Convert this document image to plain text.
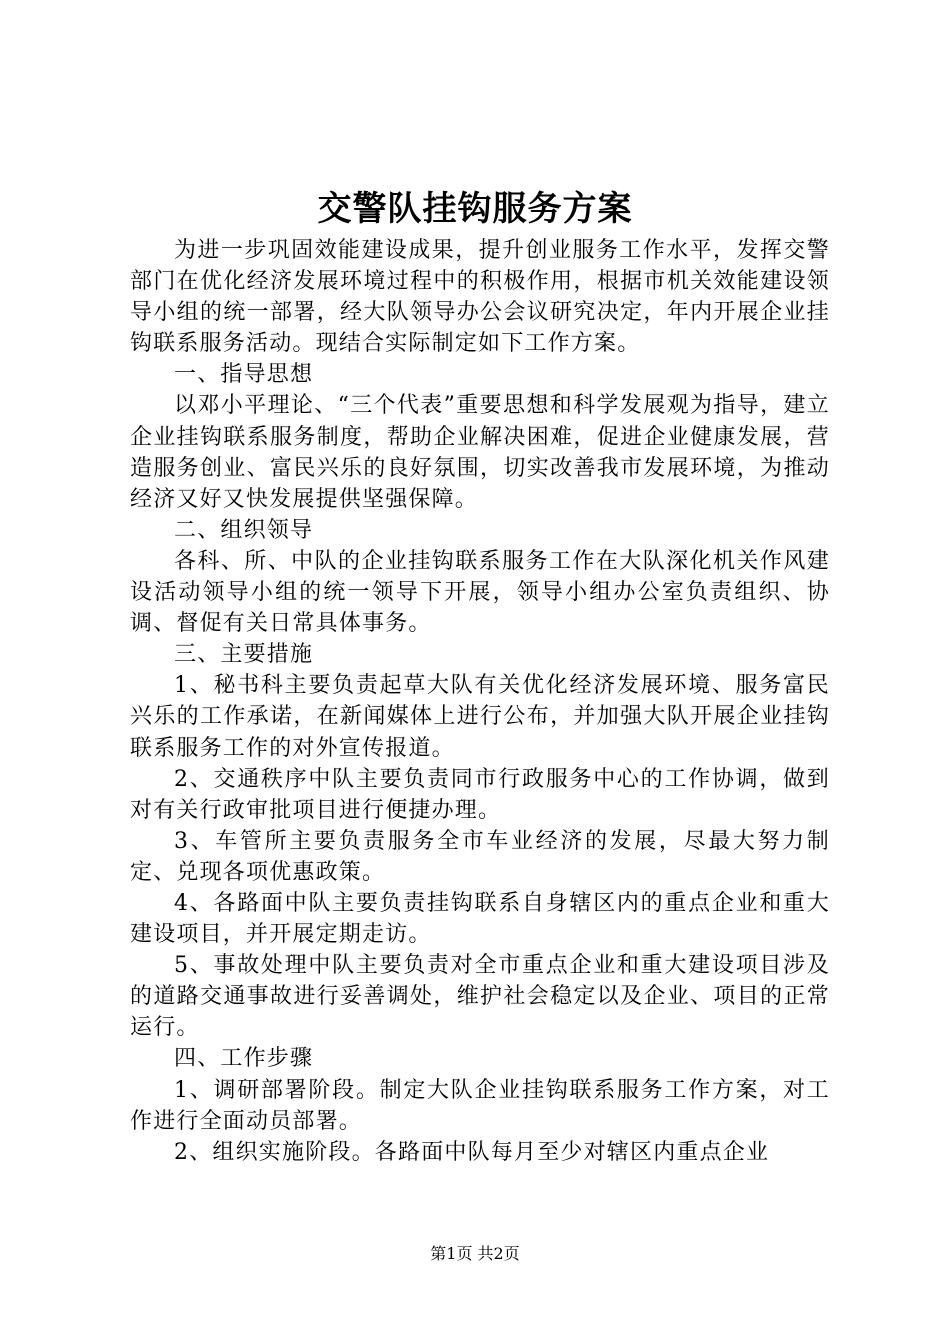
交警队挂钩服务方案

为进一步巩固效能建设成果，提升创业服务工作水平，发挥交警部门在优化经济发展环境过程中的积极作用，根据市机关效能建设领导小组的统一部署，经大队领导办公会议研究决定，年内开展企业挂钩联系服务活动。现结合实际制定如下工作方案。

一、指导思想

以邓小平理论、“三个代表”重要思想和科学发展观为指导，建立企业挂钩联系服务制度，帮助企业解决困难，促进企业健康发展，营造服务创业、富民兴乐的良好氛围，切实改善我市发展环境，为推动经济又好又快发展提供坚强保障。

二、组织领导

各科、所、中队的企业挂钩联系服务工作在大队深化机关作风建设活动领导小组的统一领导下开展，领导小组办公室负责组织、协调、督促有关日常具体事务。

三、主要措施

1、秘书科主要负责起草大队有关优化经济发展环境、服务富民兴乐的工作承诺，在新闻媒体上进行公布，并加强大队开展企业挂钩联系服务工作的对外宣传报道。

2、交通秩序中队主要负责同市行政服务中心的工作协调，做到对有关行政审批项目进行便捷办理。

3、车管所主要负责服务全市车业经济的发展，尽最大努力制定、兑现各项优惠政策。

4、各路面中队主要负责挂钩联系自身辖区内的重点企业和重大建设项目，并开展定期走访。

5、事故处理中队主要负责对全市重点企业和重大建设项目涉及的道路交通事故进行妥善调处，维护社会稳定以及企业、项目的正常运行。

四、工作步骤

1、调研部署阶段。制定大队企业挂钩联系服务工作方案，对工作进行全面动员部署。

2、组织实施阶段。各路面中队每月至少对辖区内重点企业

第1页 共2页
